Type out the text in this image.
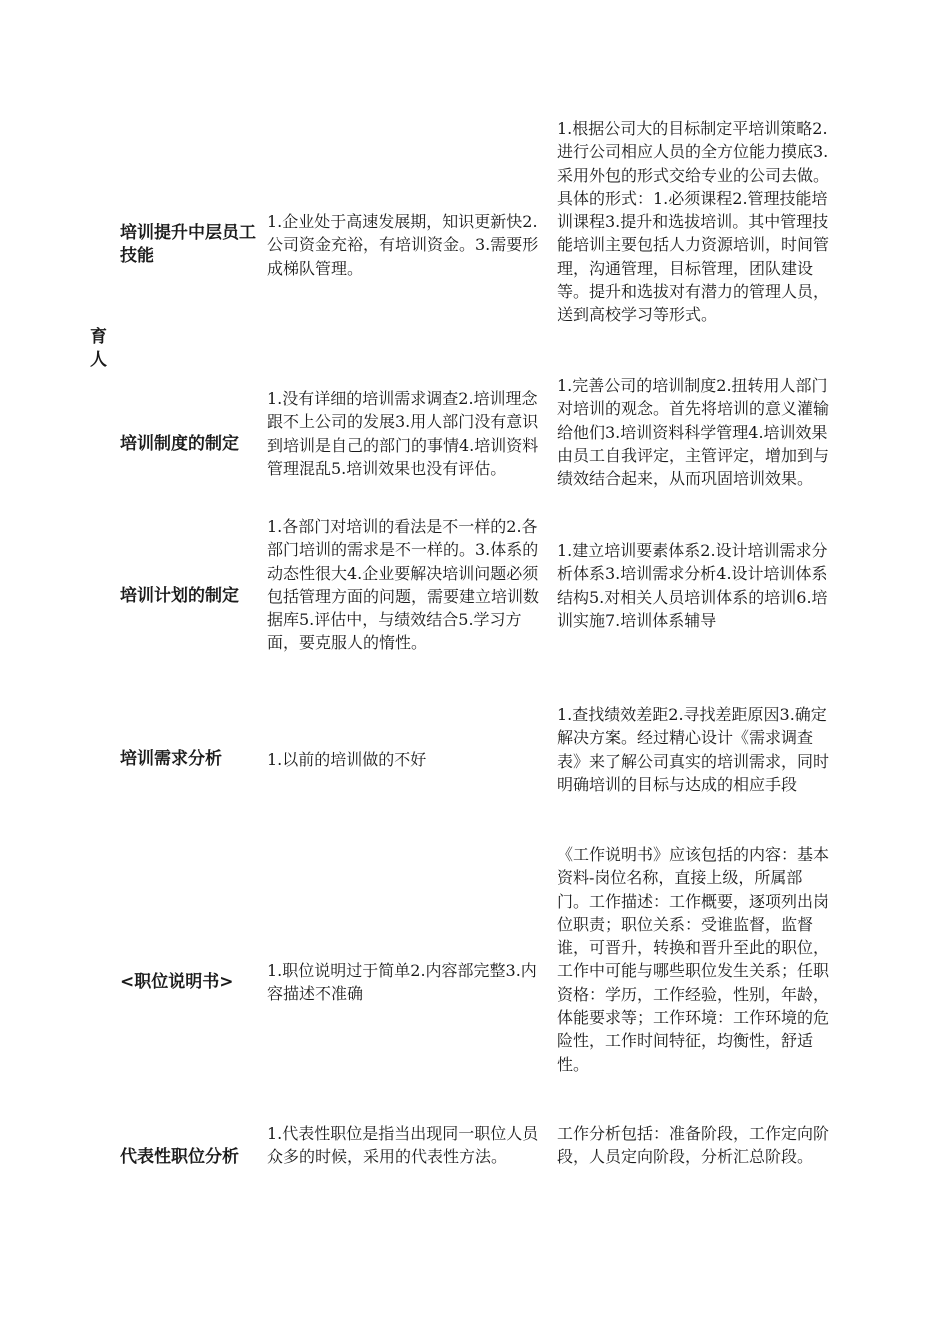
育人
培训提升中层员工技能
1.企业处于高速发展期，知识更新快2.公司资金充裕，有培训资金。3.需要形成梯队管理。
1.根据公司大的目标制定平培训策略2.进行公司相应人员的全方位能力摸底3.采用外包的形式交给专业的公司去做。具体的形式：1.必须课程2.管理技能培训课程3.提升和选拔培训。其中管理技能培训主要包括人力资源培训，时间管理，沟通管理，目标管理，团队建设等。提升和选拔对有潜力的管理人员，送到高校学习等形式。
培训制度的制定
1.没有详细的培训需求调查2.培训理念跟不上公司的发展3.用人部门没有意识到培训是自己的部门的事情4.培训资料管理混乱5.培训效果也没有评估。
1.完善公司的培训制度2.扭转用人部门对培训的观念。首先将培训的意义灌输给他们3.培训资料科学管理4.培训效果由员工自我评定，主管评定，增加到与绩效结合起来，从而巩固培训效果。
培训计划的制定
1.各部门对培训的看法是不一样的2.各部门培训的需求是不一样的。3.体系的动态性很大4.企业要解决培训问题必须包括管理方面的问题，需要建立培训数据库5.评估中，与绩效结合5.学习方面，要克服人的惰性。
1.建立培训要素体系2.设计培训需求分析体系3.培训需求分析4.设计培训体系结构5.对相关人员培训体系的培训6.培训实施7.培训体系辅导
培训需求分析	1.以前的培训做的不好
1.查找绩效差距2.寻找差距原因3.确定解决方案。经过精心设计《需求调查表》来了解公司真实的培训需求，同时明确培训的目标与达成的相应手段
<职位说明书>
1.职位说明过于简单2.内容部完整3.内容描述不准确
《工作说明书》应该包括的内容：基本资料-岗位名称，直接上级，所属部门。工作描述：工作概要，逐项列出岗位职责；职位关系：受谁监督，监督谁，可晋升，转换和晋升至此的职位，工作中可能与哪些职位发生关系；任职资格：学历，工作经验，性别，年龄，体能要求等；工作环境：工作环境的危险性，工作时间特征，均衡性，舒适性。
代表性职位分析
1.代表性职位是指当出现同一职位人员众多的时候，采用的代表性方法。
工作分析包括：准备阶段，工作定向阶段，人员定向阶段，分析汇总阶段。
